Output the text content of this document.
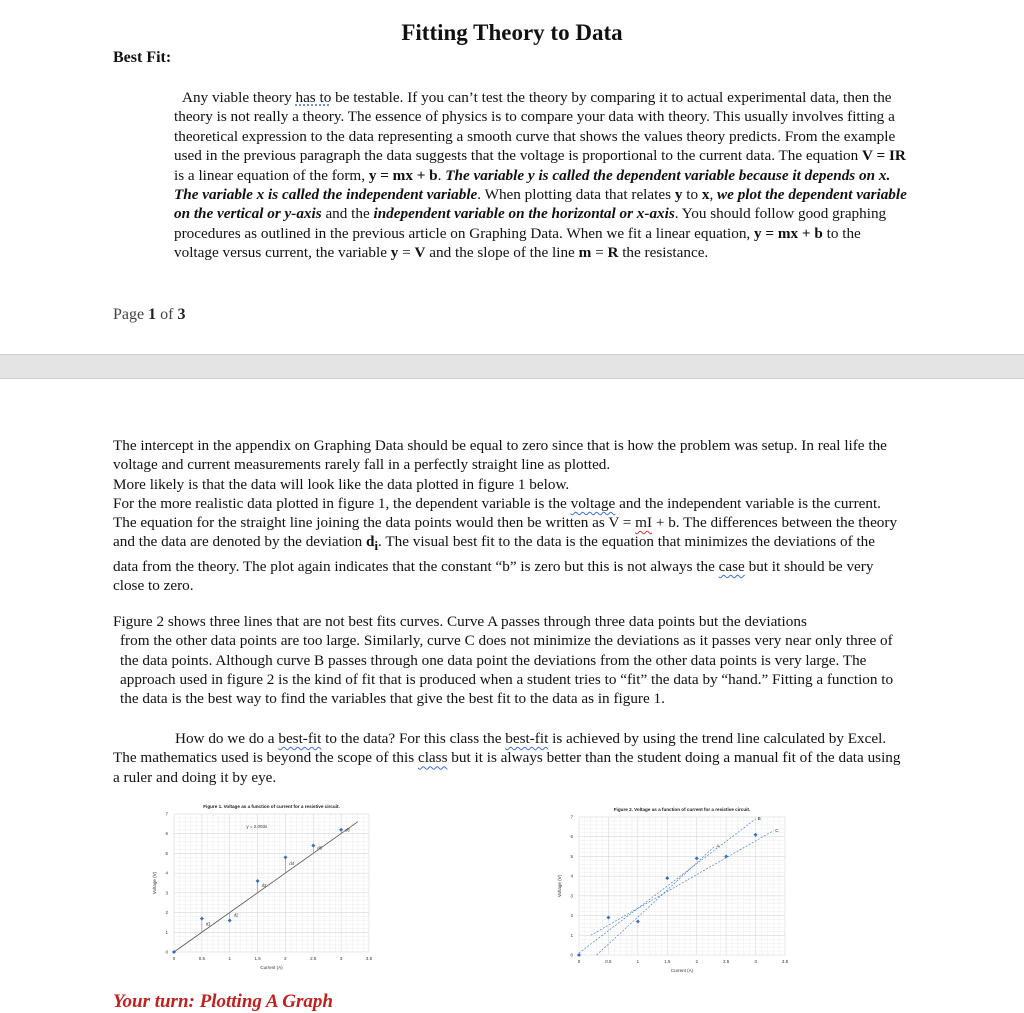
Fitting Theory to Data
Best Fit:
Any viable theory has to be testable. If you can’t test the theory by comparing it to actual experimental data, then the theory is not really a theory. The essence of physics is to compare your data with theory. This usually involves fitting a theoretical expression to the data representing a smooth curve that shows the values theory predicts. From the example used in the previous paragraph the data suggests that the voltage is proportional to the current data. The equation V = IR is a linear equation of the form, y = mx + b. The variable y is called the dependent variable because it depends on x. The variable x is called the independent variable. When plotting data that relates y to x, we plot the dependent variable on the vertical or y-axis and the independent variable on the horizontal or x-axis. You should follow good graphing procedures as outlined in the previous article on Graphing Data. When we fit a linear equation, y = mx + b to the voltage versus current, the variable y = V and the slope of the line m = R the resistance.
Page 1 of 3
The intercept in the appendix on Graphing Data should be equal to zero since that is how the problem was setup. In real life the voltage and current measurements rarely fall in a perfectly straight line as plotted.
More likely is that the data will look like the data plotted in figure 1 below.
For the more realistic data plotted in figure 1, the dependent variable is the voltage and the independent variable is the current. The equation for the straight line joining the data points would then be written as V = mI + b. The differences between the theory and the data are denoted by the deviation $d_i$. The visual best fit to the data is the equation that minimizes the deviations of the data from the theory. The plot again indicates that the constant “b” is zero but this is not always the case but it should be very close to zero.
Figure 2 shows three lines that are not best fits curves. Curve A passes through three data points but the deviations
from the other data points are too large. Similarly, curve C does not minimize the deviations as it passes very near only three of the data points. Although curve B passes through one data point the deviations from the other data points is very large. The approach used in figure 2 is the kind of fit that is produced when a student tries to “fit” the data by “hand.” Fitting a function to the data is the best way to find the variables that give the best fit to the data as in figure 1.
How do we do a best-fit to the data? For this class the best-fit is achieved by using the trend line calculated by Excel. The mathematics used is beyond the scope of this class but it is always better than the student doing a manual fit of the data using a ruler and doing it by eye.
Figure 1. Voltage as a function of current for a resistive circuit.
0	0.5	1	1.5	2	2.5	3	3.5
0
1
2
3
4
5
6
7
Current (A)
Voltage (V)
y = 2.003x
d1
d2
d3
d4
d5
d6
Figure 2. Voltage as a function of current for a resistive circuit.
0	0.5	1	1.5	2	2.5	3	3.5
0
1
2
3
4
5
6
7
Current (A)
Voltage (V)
A
B
C
Your turn: Plotting A Graph
